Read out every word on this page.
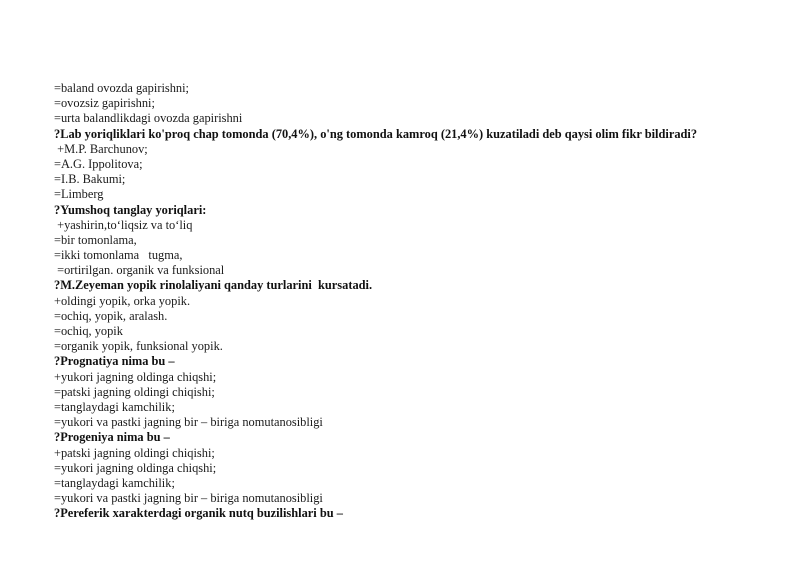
=baland ovozda gapirishni;
=ovozsiz gapirishni;
=urta balandlikdagi ovozda gapirishni
?Lab yoriqliklari ko'proq chap tomonda (70,4%), o'ng tomonda kamroq (21,4%) kuzatiladi deb qaysi olim fikr bildiradi?
+M.P. Barchunov;
=A.G. Ippolitova;
=I.B. Bakumi;
=Limberg
?Yumshoq tanglay yoriqlari:
+yashirin,to‘liqsiz va to‘liq
=bir tomonlama,
=ikki tomonlama   tugma,
=ortirilgan. organik va funksional
?M.Zeyeman yopik rinolaliyani qanday turlarini  kursatadi.
+oldingi yopik, orka yopik.
=ochiq, yopik, aralash.
=ochiq, yopik
=organik yopik, funksional yopik.
?Prognatiya nima bu –
+yukori jagning oldinga chiqshi;
=patski jagning oldingi chiqishi;
=tanglaydagi kamchilik;
=yukori va pastki jagning bir – biriga nomutanosibligi
?Progeniya nima bu –
+patski jagning oldingi chiqishi;
=yukori jagning oldinga chiqshi;
=tanglaydagi kamchilik;
=yukori va pastki jagning bir – biriga nomutanosibligi
?Pereferik xarakterdagi organik nutq buzilishlari bu –
